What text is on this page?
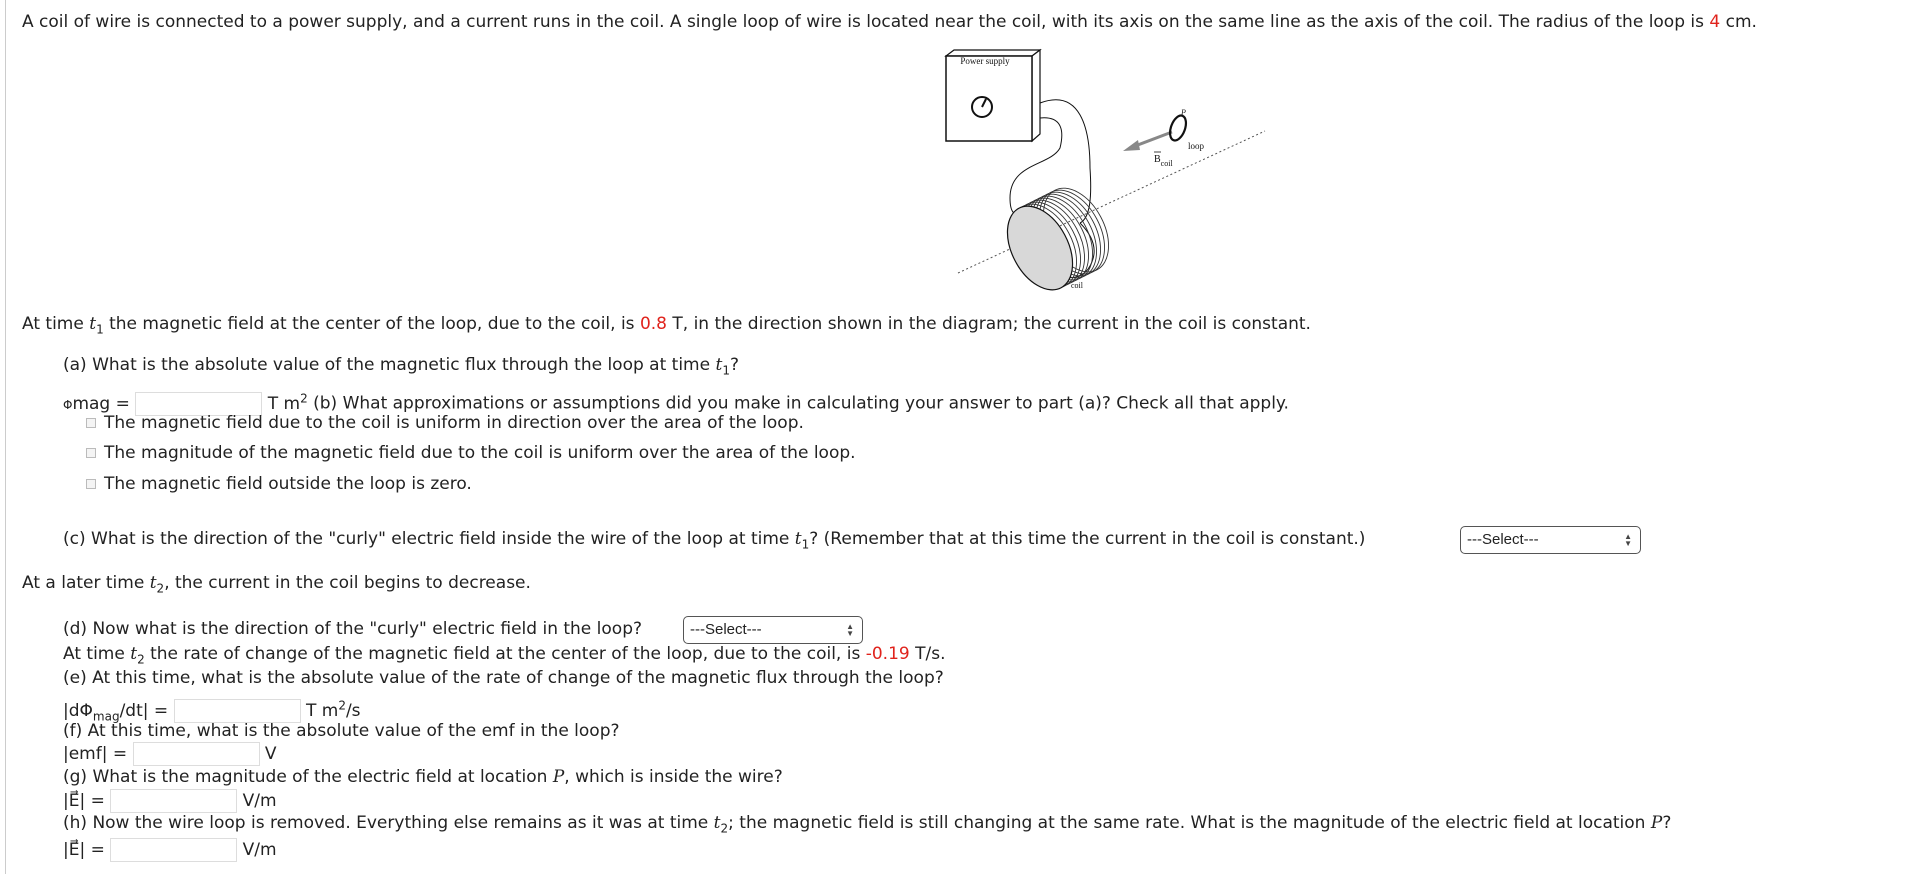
A coil of wire is connected to a power supply, and a current runs in the coil. A single loop of wire is located near the coil, with its axis on the same line as the axis of the coil. The radius of the loop is 4 cm.
P
loop
$B_{coil}$
Power supply
coil
At time $t_1$ the magnetic field at the center of the loop, due to the coil, is 0.8 T, in the direction shown in the diagram; the current in the coil is constant.
(a) What is the absolute value of the magnetic flux through the loop at time $t_1$?
Φmag =	T $m^2$ (b) What approximations or assumptions did you make in calculating your answer to part (a)? Check all that apply.
The magnetic field due to the coil is uniform in direction over the area of the loop.
The magnitude of the magnetic field due to the coil is uniform over the area of the loop.
The magnetic field outside the loop is zero.
(c) What is the direction of the "curly" electric field inside the wire of the loop at time $t_1$? (Remember that at this time the current in the coil is constant.)	---Select---	▲
▼
At a later time $t_2$, the current in the coil begins to decrease.
(d) Now what is the direction of the "curly" electric field in the loop?	---Select---	▲
▼
At time $t_2$ the rate of change of the magnetic field at the center of the loop, due to the coil, is -0.19 T/s.
(e) At this time, what is the absolute value of the rate of change of the magnetic flux through the loop?
$|d\Phi_{mag}/dt|$ =	T $m^2/s$
(f) At this time, what is the absolute value of the emf in the loop?
|emf| =	V
(g) What is the magnitude of the electric field at location P, which is inside the wire?
|E⃗| =	V/m
(h) Now the wire loop is removed. Everything else remains as it was at time $t_2$; the magnetic field is still changing at the same rate. What is the magnitude of the electric field at location P?
|E⃗| =	V/m
